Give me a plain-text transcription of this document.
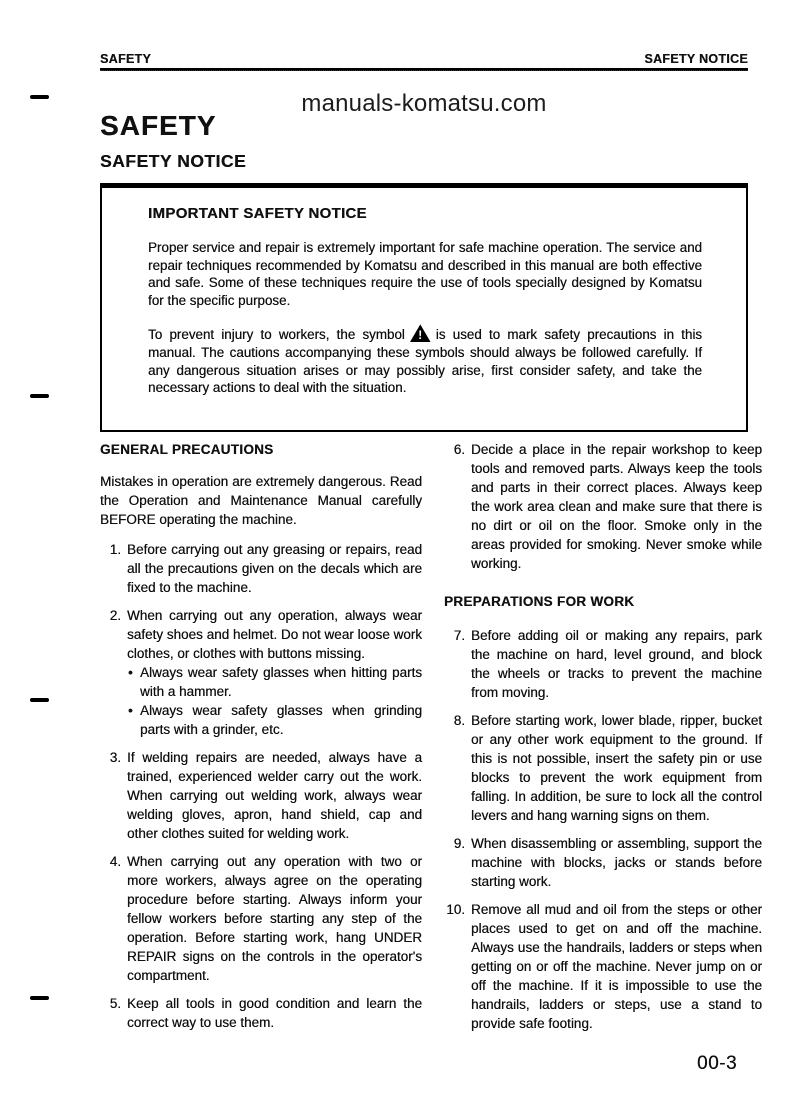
SAFETY	SAFETY NOTICE
manuals-komatsu.com
SAFETY
SAFETY NOTICE
IMPORTANT SAFETY NOTICE

Proper service and repair is extremely important for safe machine operation. The service and repair techniques recommended by Komatsu and described in this manual are both effective and safe. Some of these techniques require the use of tools specially designed by Komatsu for the specific purpose.

To prevent injury to workers, the symbol ! is used to mark safety precautions in this manual. The cautions accompanying these symbols should always be followed carefully. If any dangerous situation arises or may possibly arise, first consider safety, and take the necessary actions to deal with the situation.

GENERAL PRECAUTIONS

Mistakes in operation are extremely dangerous. Read the Operation and Maintenance Manual carefully BEFORE operating the machine.

1. Before carrying out any greasing or repairs, read all the precautions given on the decals which are fixed to the machine.
2. When carrying out any operation, always wear safety shoes and helmet. Do not wear loose work clothes, or clothes with buttons missing.
• Always wear safety glasses when hitting parts with a hammer.
• Always wear safety glasses when grinding parts with a grinder, etc.
3. If welding repairs are needed, always have a trained, experienced welder carry out the work. When carrying out welding work, always wear welding gloves, apron, hand shield, cap and other clothes suited for welding work.
4. When carrying out any operation with two or more workers, always agree on the operating procedure before starting. Always inform your fellow workers before starting any step of the operation. Before starting work, hang UNDER REPAIR signs on the controls in the operator's compartment.
5. Keep all tools in good condition and learn the correct way to use them.
6. Decide a place in the repair workshop to keep tools and removed parts. Always keep the tools and parts in their correct places. Always keep the work area clean and make sure that there is no dirt or oil on the floor. Smoke only in the areas provided for smoking. Never smoke while working.
PREPARATIONS FOR WORK
7. Before adding oil or making any repairs, park the machine on hard, level ground, and block the wheels or tracks to prevent the machine from moving.
8. Before starting work, lower blade, ripper, bucket or any other work equipment to the ground. If this is not possible, insert the safety pin or use blocks to prevent the work equipment from falling. In addition, be sure to lock all the control levers and hang warning signs on them.
9. When disassembling or assembling, support the machine with blocks, jacks or stands before starting work.
10. Remove all mud and oil from the steps or other places used to get on and off the machine. Always use the handrails, ladders or steps when getting on or off the machine. Never jump on or off the machine. If it is impossible to use the handrails, ladders or steps, use a stand to provide safe footing.
00-3
